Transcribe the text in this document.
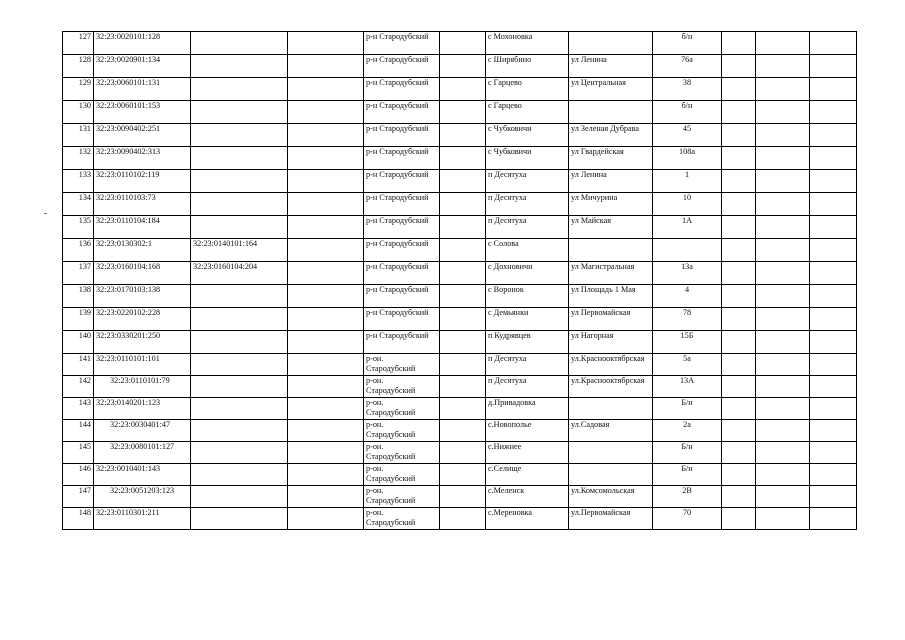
127	32:23:0020101:128			р-н Стародубский		с Мохоновка		б/н			
128	32:23:0020901:134			р-н Стародубский		с Ширябино	ул Ленина	76а			
129	32:23:0060101:131			р-н Стародубский		с Гарцево	ул Центральная	38			
130	32:23:0060101:153			р-н Стародубский		с Гарцево		б/н			
131	32:23:0090402:251			р-н Стародубский		с Чубковичи	ул Зеленая Дубрава	45			
132	32:23:0090402:313			р-н Стародубский		с Чубковичи	ул Гвардейская	108а			
133	32:23:0110102:119			р-н Стародубский		п Десятуха	ул Ленина	1			
134	32:23:0110103:73			р-н Стародубский		п Десятуха	ул Мичурина	10			
135	32:23:0110104:184			р-н Стародубский		п Десятуха	ул Майская	1А			
136	32:23:0130302:1	32:23:0140101:164		р-н Стародубский		с Солова					
137	32:23:0160104:168	32:23:0160104:204		р-н Стародубский		с Дохновичи	ул Магистральная	13а			
138	32:23:0170103:138			р-н Стародубский		с Воронок	ул Площадь 1 Мая	4			
139	32:23:0220102:228			р-н Стародубский		с Демьянки	ул Первомайская	78			
140	32:23:0330201:250			р-н Стародубский		п Кудрявцев	ул Нагорная	15Б			
141	32:23:0110101:101			р-он.
Стародубский		п Десятуха	ул.Краснооктябрская	5а			
142	32:23:0110101:79			р-он.
Стародубский		п Десятуха	ул.Краснооктябрская	13А			
143	32:23:0140201:123			р-он.
Стародубский		д.Привадовка		Б/н			
144	32:23:0030401:47			р-он.
Стародубский		с.Новополье	ул.Садовая	2а			
145	32:23:0080101:127			р-он.
Стародубский		с.Нижнее		Б/н			
146	32:23:0010401:143			р-он.
Стародубский		с.Селище		Б/н			
147	32:23:0051203:123			р-он.
Стародубский		с.Меленск	ул.Комсомольская	2В			
148	32:23:0110301:211			р-он.
Стародубский		с.Мереновка	ул.Первомайская	70			
